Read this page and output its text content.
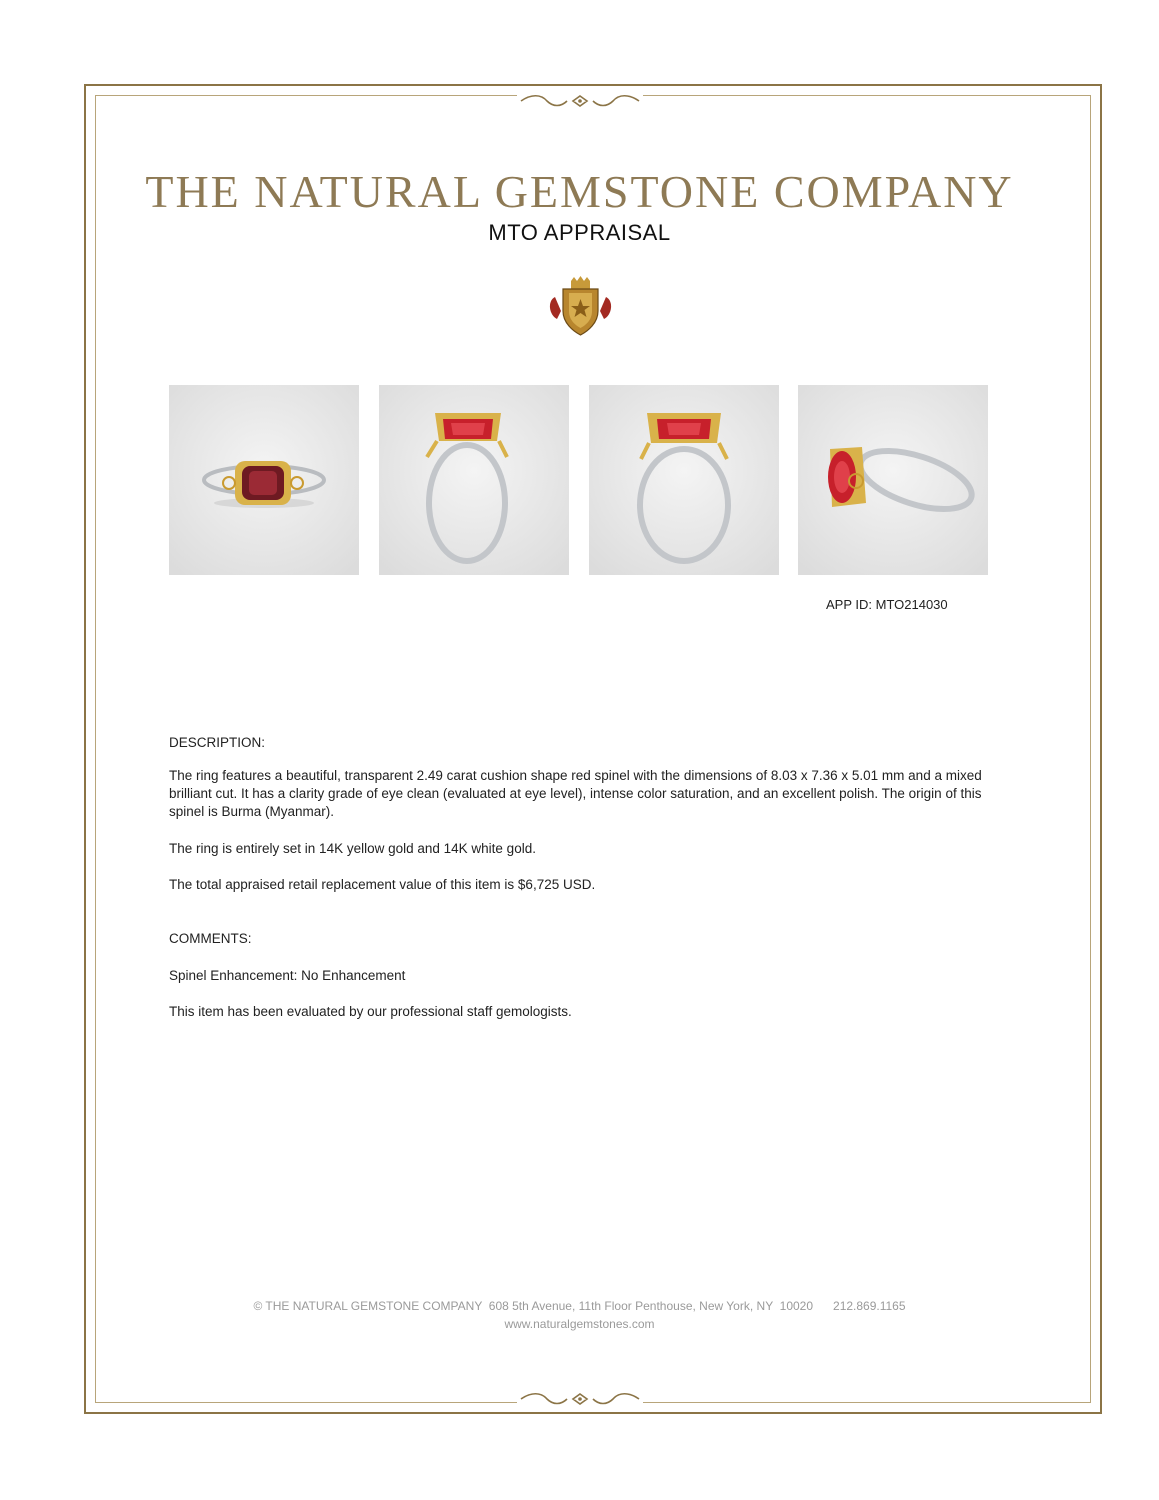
THE NATURAL GEMSTONE COMPANY
MTO APPRAISAL
APP ID: MTO214030
DESCRIPTION:

The ring features a beautiful, transparent 2.49 carat cushion shape red spinel with the dimensions of 8.03 x 7.36 x 5.01 mm and a mixed brilliant cut. It has a clarity grade of eye clean (evaluated at eye level), intense color saturation, and an excellent polish. The origin of this spinel is Burma (Myanmar).

The ring is entirely set in 14K yellow gold and 14K white gold.

The total appraised retail replacement value of this item is $6,725 USD.

COMMENTS:

Spinel Enhancement: No Enhancement

This item has been evaluated by our professional staff gemologists.

© THE NATURAL GEMSTONE COMPANY  608 5th Avenue, 11th Floor Penthouse, New York, NY  10020      212.869.1165
www.naturalgemstones.com
